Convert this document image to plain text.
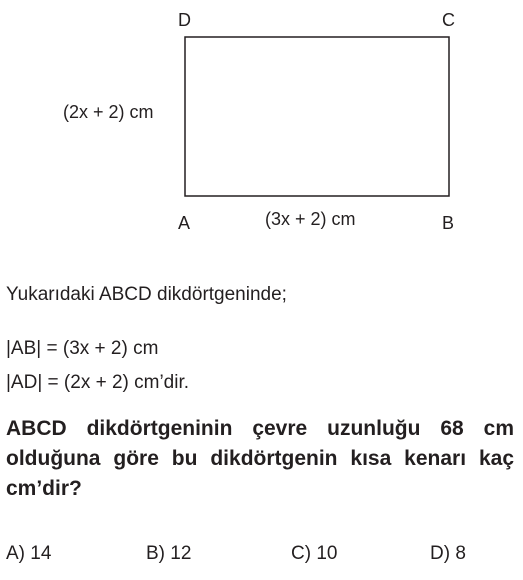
D	C
A	B
(2x + 2) cm
(3x + 2) cm
Yukarıdaki ABCD dikdörtgeninde;
|AB| = (3x + 2) cm
|AD| = (2x + 2) cm’dir.
ABCD dikdörtgeninin çevre uzunluğu 68 cm olduğuna göre bu dikdörtgenin kısa kenarı kaç cm’dir?
A) 14	B) 12	C) 10	D) 8
